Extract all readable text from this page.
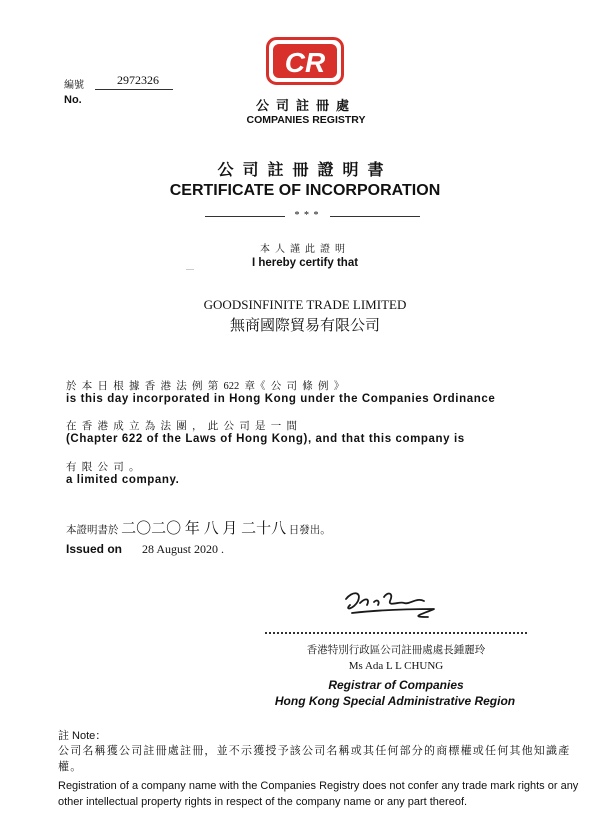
編號	2972326
No.
CR
公司註冊處
COMPANIES REGISTRY
公司註冊證明書
CERTIFICATE OF INCORPORATION
* * *
本人謹此證明
I hereby certify that
GOODSINFINITE TRADE LIMITED
無商國際貿易有限公司
於  本  日  根  據  香  港  法  例  第  622  章《  公  司  條  例  》
is this day incorporated in Hong Kong under the Companies Ordinance
在  香  港  成  立  為  法  團  ，  此  公  司  是  一  間
(Chapter 622 of the Laws of Hong Kong), and that this company is
有  限  公  司  。
a limited company.
本證明書於 二〇二〇 年 八 月 二十八 日發出。
Issued on 28 August 2020 .
香港特別行政區公司註冊處處長鍾麗玲
Ms Ada L L CHUNG
Registrar of Companies
Hong Kong Special Administrative Region
註 Note：
公司名稱獲公司註冊處註冊，並不示獲授予該公司名稱或其任何部分的商標權或任何其他知識產權。
Registration of a company name with the Companies Registry does not confer any trade mark rights or any other intellectual property rights in respect of the company name or any part thereof.
